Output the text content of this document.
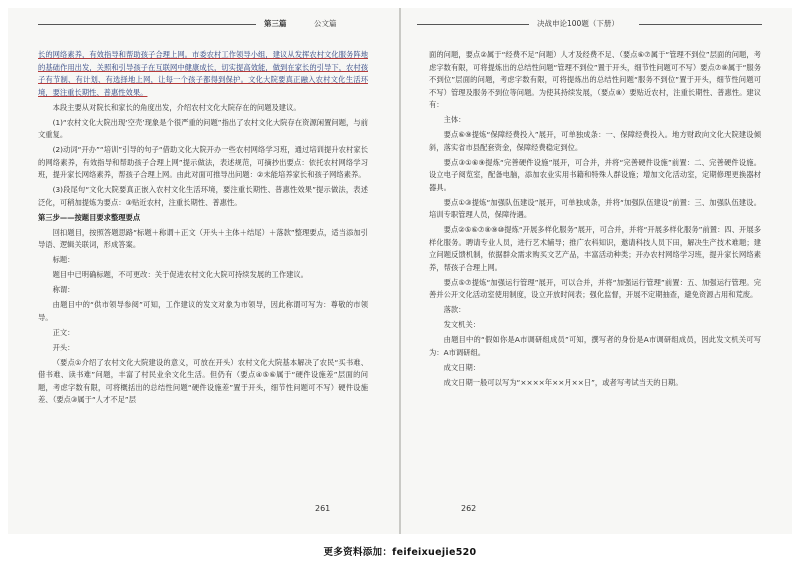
第三篇	公文篇

长的网络素养，有效指导和帮助孩子合理上网。市委农村工作领导小组，建议从发挥农村文化服务阵地的基础作用出发，关照和引导孩子在互联网中健康成长，切实提高效能，做到在家长的引导下，农村孩子有节制、有计划、有选择地上网，让每一个孩子都得到保护。文化大院要真正融入农村文化生活环境，要注重长期性、普惠性效果。

本段主要从对院长和家长的角度出发，介绍农村文化大院存在的问题及建议。

(1)“农村文化大院出现‘空壳’现象是个很严重的问题”指出了农村文化大院存在资源闲置问题，与前文重复。

(2)动词“开办”“培训”引导的句子“借助文化大院开办一些农村网络学习班，通过培训提升农村家长的网络素养，有效指导和帮助孩子合理上网”提示做法，表述规范，可摘抄出要点：依托农村网络学习班，提升家长网络素养，帮孩子合理上网。由此对面可推导出问题：②未能培养家长和孩子网络素养。

(3)段尾句“文化大院要真正嵌入农村文化生活环境，要注重长期性、普惠性效果”提示做法，表述泛化，可稍加提炼为要点：③贴近农村，注重长期性、普惠性。

第三步——按题目要求整理要点

回扣题目，按照答题思路“标题＋称谓＋正文（开头＋主体＋结尾）＋落款”整理要点，适当添加引导语、逻辑关联词，形成答案。

标题：

题目中已明确标题，不可更改：关于促进农村文化大院可持续发展的工作建议。

称谓：

由题目中的“供市领导参阅”可知，工作建议的发文对象为市领导，因此称谓可写为：尊敬的市领导。

正文：

开头：

（要点①介绍了农村文化大院建设的意义，可放在开头）农村文化大院基本解决了农民“买书难、借书难、读书难”问题，丰富了村民业余文化生活。但仍有（要点④⑤⑥属于“硬件设施差”层面的问题，考虑字数有限，可将概括出的总结性问题“硬件设施差”置于开头，细节性问题可不写）硬件设施差、（要点③属于“人才不足”层

261
决战申论100题（下册）

面的问题，要点②属于“经费不足”问题）人才及经费不足、（要点⑥⑦属于“管理不到位”层面的问题，考虑字数有限，可将提炼出的总结性问题“管理不到位”置于开头，细节性问题可不写）要点⑦⑧属于“服务不到位”层面的问题，考虑字数有限，可将提炼出的总结性问题“服务不到位”置于开头，细节性问题可不写）管理及服务不到位等问题。为使其持续发展，（要点⑧）要贴近农村，注重长期性、普惠性。建议有：

主体：

要点⑥⑨提炼“保障经费投入”展开，可单独成条：一、保障经费投入。地方财政向文化大院建设倾斜，落实省市县配套资金，保障经费稳定到位。

要点③①⑥⑨提炼“完善硬件设施”展开，可合并，并将“完善硬件设施”前置：二、完善硬件设施。设立电子阅览室，配备电脑，添加农业实用书籍和特殊人群设施；增加文化活动室，定期修理更换器材器具。

要点①③提炼“加强队伍建设”展开，可单独成条，并将“加强队伍建设”前置：三、加强队伍建设。培训专职管理人员，保障待遇。

要点②⑤⑥⑦⑧⑨⑩提炼“开展多样化服务”展开，可合并，并将“开展多样化服务”前置：四、开展多样化服务。聘请专业人员，进行艺术辅导；推广农科知识，邀请科技人员下田，解决生产技术难题；建立问题反馈机制，依据群众需求购买文艺产品，丰富活动种类；开办农村网络学习班，提升家长网络素养，帮孩子合理上网。

要点⑤⑦提炼“加强运行管理”展开，可以合并，并将“加强运行管理”前置：五、加强运行管理。完善并公开文化活动室使用制度，设立开放时间表；强化监督，开展不定期抽查，避免资源占用和荒废。

落款：

发文机关：

由题目中的“假如你是A市调研组成员”可知，撰写者的身份是A市调研组成员，因此发文机关可写为：A市调研组。

成文日期：

成文日期一般可以写为“××××年××月××日”，或者写考试当天的日期。

262
更多资料添加：feifeixuejie520
